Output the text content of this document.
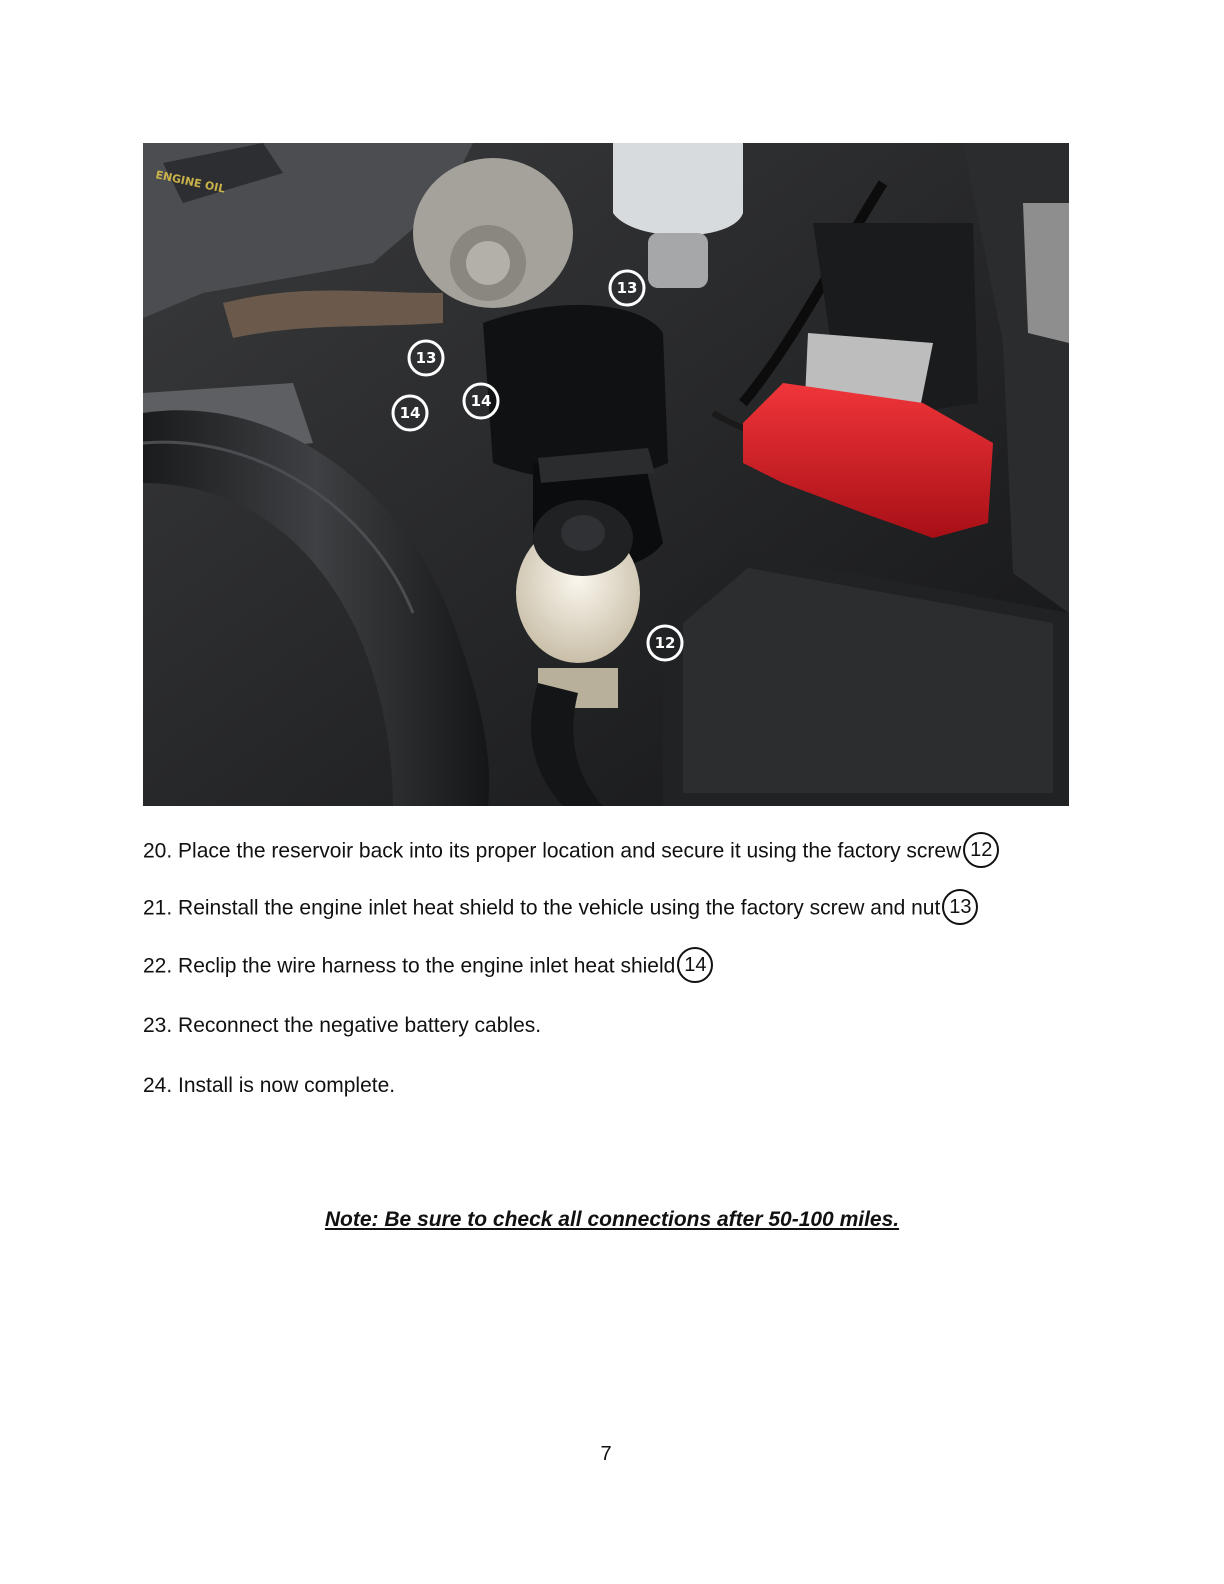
ENGINE OIL
13
13
14
14
12
20. Place the reservoir back into its proper location and secure it using the factory screw 12
21. Reinstall the engine inlet heat shield to the vehicle using the factory screw and nut 13
22. Reclip the wire harness to the engine inlet heat shield 14
23. Reconnect the negative battery cables.
24. Install is now complete.
Note: Be sure to check all connections after 50-100 miles.
7
